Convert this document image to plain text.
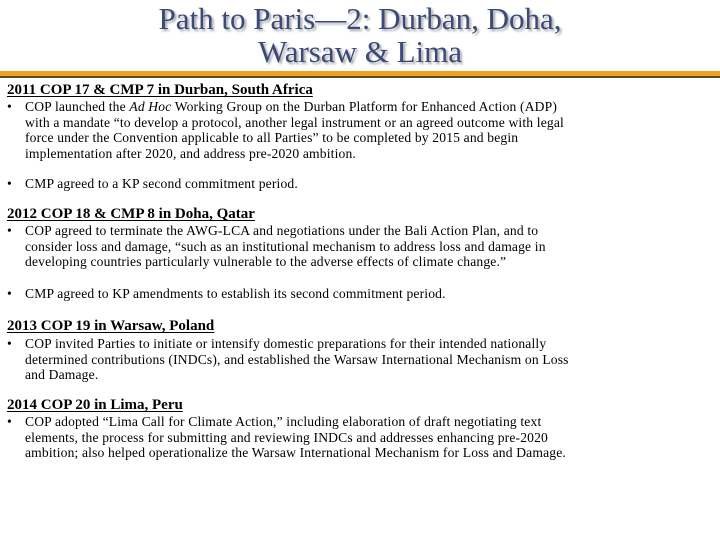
Path to Paris—2: Durban, Doha,
Warsaw & Lima
2011 COP 17 & CMP 7 in Durban, South Africa
• COP launched the Ad Hoc Working Group on the Durban Platform for Enhanced Action (ADP)
with a mandate “to develop a protocol, another legal instrument or an agreed outcome with legal
force under the Convention applicable to all Parties” to be completed by 2015 and begin
implementation after 2020, and address pre-2020 ambition.
• CMP agreed to a KP second commitment period.
2012 COP 18 & CMP 8 in Doha, Qatar
• COP agreed to terminate the AWG-LCA and negotiations under the Bali Action Plan, and to
consider loss and damage, “such as an institutional mechanism to address loss and damage in
developing countries particularly vulnerable to the adverse effects of climate change.”
• CMP agreed to KP amendments to establish its second commitment period.
2013 COP 19 in Warsaw, Poland
• COP invited Parties to initiate or intensify domestic preparations for their intended nationally
determined contributions (INDCs), and established the Warsaw International Mechanism on Loss
and Damage.
2014 COP 20 in Lima, Peru
• COP adopted “Lima Call for Climate Action,” including elaboration of draft negotiating text
elements, the process for submitting and reviewing INDCs and addresses enhancing pre-2020
ambition; also helped operationalize the Warsaw International Mechanism for Loss and Damage.
